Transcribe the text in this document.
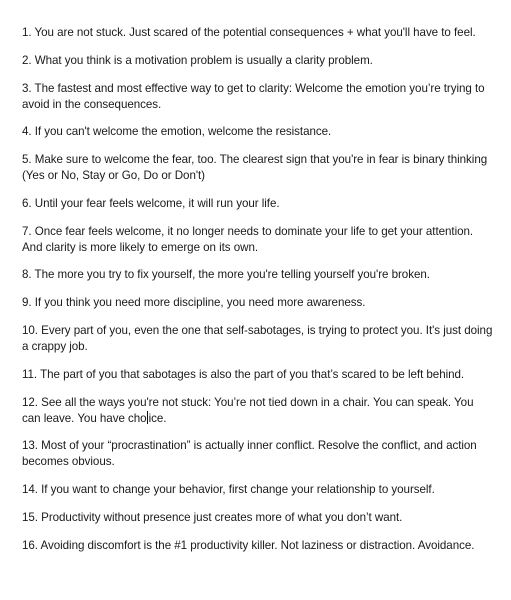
1. You are not stuck. Just scared of the potential consequences + what you'll have to feel.
2. What you think is a motivation problem is usually a clarity problem.
3. The fastest and most effective way to get to clarity: Welcome the emotion you’re trying to avoid in the consequences.
4. If you can't welcome the emotion, welcome the resistance.
5. Make sure to welcome the fear, too. The clearest sign that you're in fear is binary thinking (Yes or No, Stay or Go, Do or Don't)
6. Until your fear feels welcome, it will run your life.
7. Once fear feels welcome, it no longer needs to dominate your life to get your attention. And clarity is more likely to emerge on its own.
8. The more you try to fix yourself, the more you're telling yourself you're broken.
9. If you think you need more discipline, you need more awareness.
10. Every part of you, even the one that self-sabotages, is trying to protect you. It's just doing a crappy job.
11. The part of you that sabotages is also the part of you that’s scared to be left behind.
12. See all the ways you're not stuck: You’re not tied down in a chair. You can speak. You can leave. You have cho ice.
13. Most of your “procrastination” is actually inner conflict. Resolve the conflict, and action becomes obvious.
14. If you want to change your behavior, first change your relationship to yourself.
15. Productivity without presence just creates more of what you don’t want.
16. Avoiding discomfort is the #1 productivity killer. Not laziness or distraction. Avoidance.
